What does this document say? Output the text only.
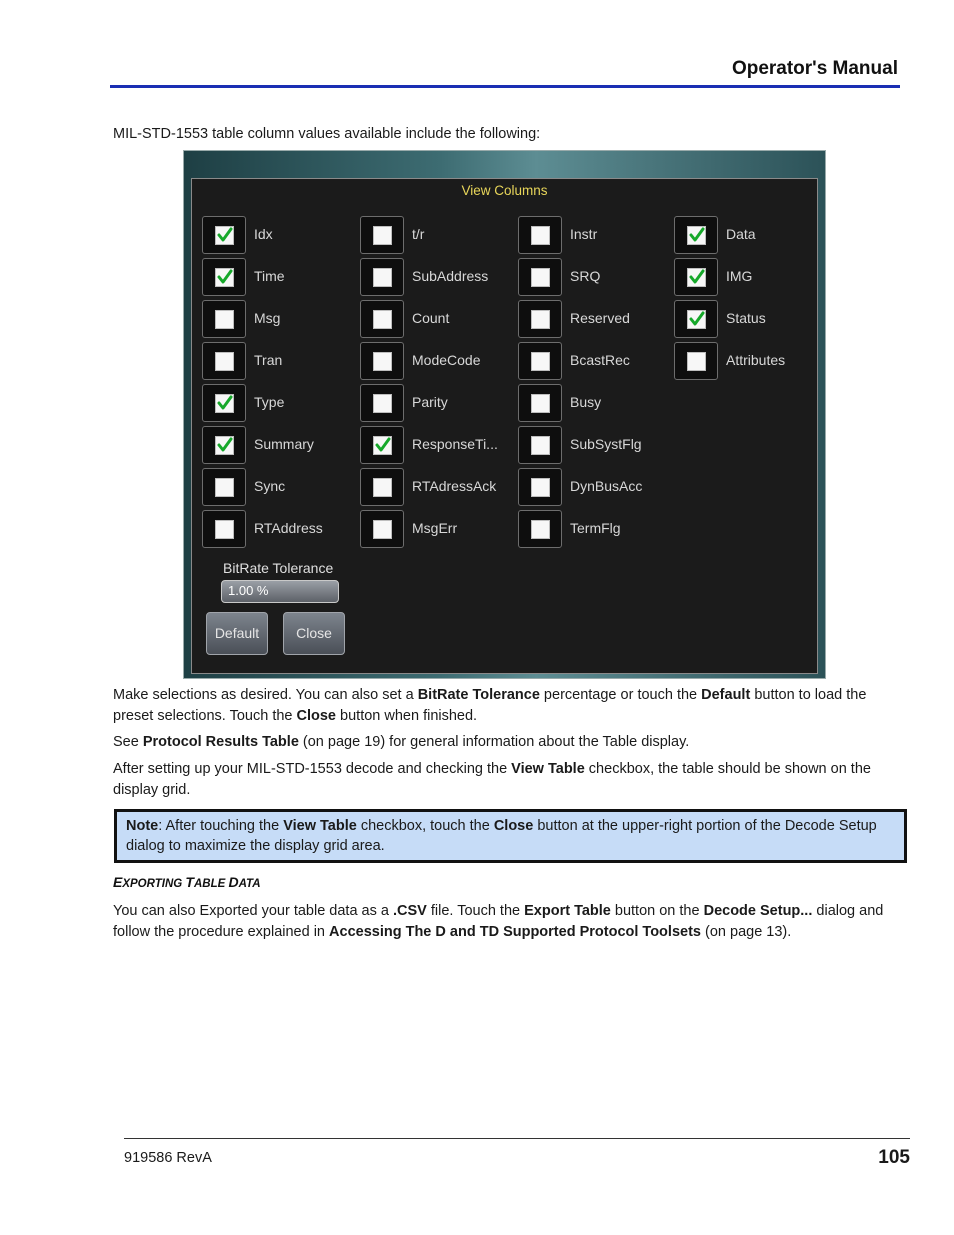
Operator's Manual
MIL-STD-1553 table column values available include the following:
View Columns
Idx
Time
Msg
Tran
Type
Summary
Sync
RTAddress
t/r
SubAddress
Count
ModeCode
Parity
ResponseTi...
RTAdressAck
MsgErr
Instr
SRQ
Reserved
BcastRec
Busy
SubSystFlg
DynBusAcc
TermFlg
Data
IMG
Status
Attributes
BitRate Tolerance
1.00 %
Default	Close
Make selections as desired. You can also set a BitRate Tolerance percentage or touch the Default button to load the preset selections. Touch the Close button when finished.
See Protocol Results Table (on page 19) for general information about the Table display.
After setting up your MIL-STD-1553 decode and checking the View Table checkbox, the table should be shown on the display grid.
Note: After touching the View Table checkbox, touch the Close button at the upper-right portion of the Decode Setup dialog to maximize the display grid area.
EXPORTING TABLE DATA
You can also Exported your table data as a .CSV file. Touch the Export Table button on the Decode Setup... dialog and follow the procedure explained in Accessing The D and TD Supported Protocol Toolsets (on page 13).
919586 RevA	105
